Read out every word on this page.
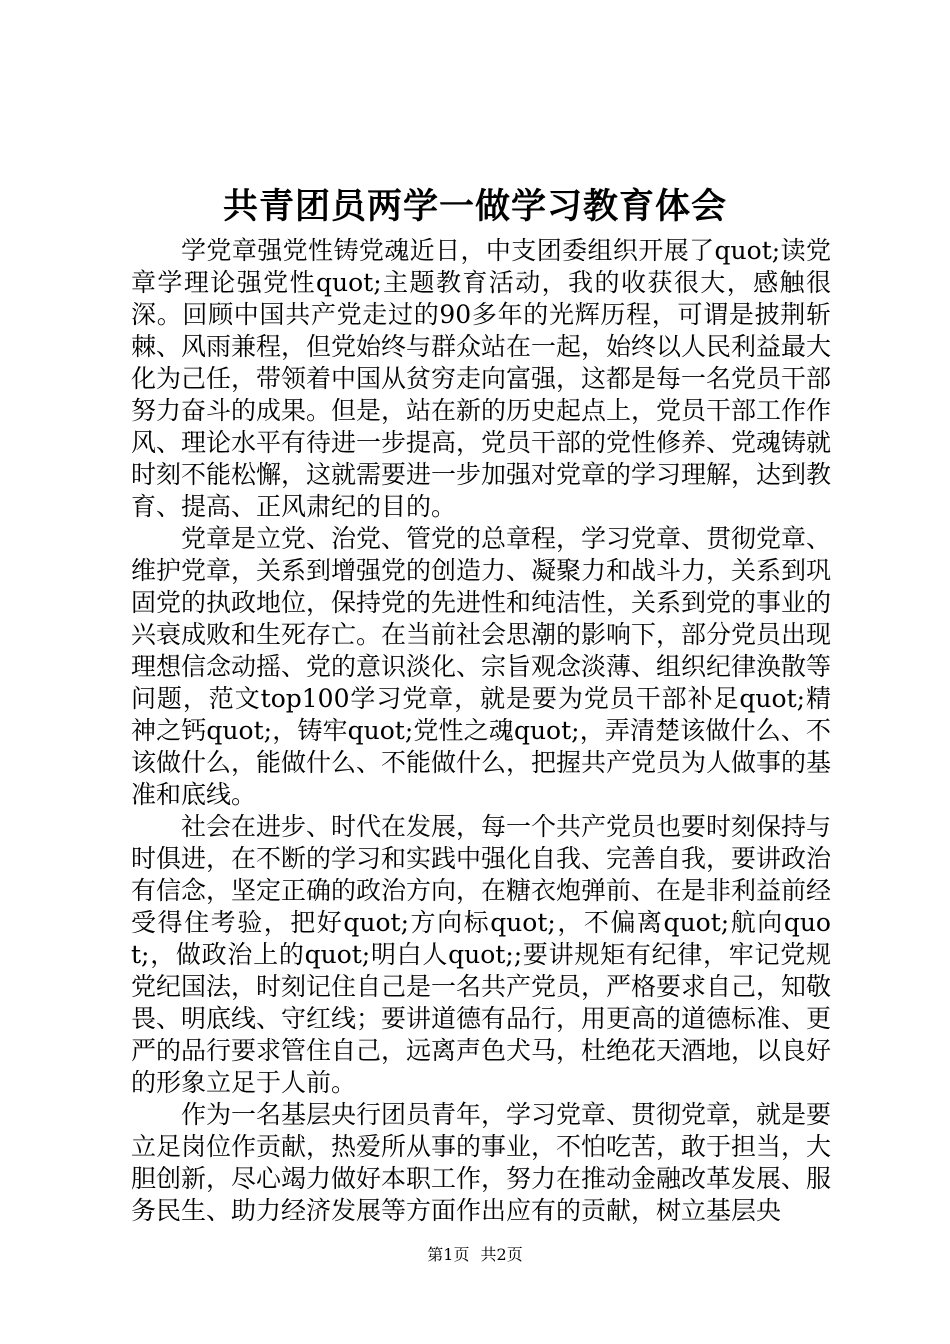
共青团员两学一做学习教育体会

学党章强党性铸党魂近日，中支团委组织开展了quot;读党章学理论强党性quot;主题教育活动，我的收获很大，感触很深。回顾中国共产党走过的90多年的光辉历程，可谓是披荆斩棘、风雨兼程，但党始终与群众站在一起，始终以人民利益最大化为己任，带领着中国从贫穷走向富强，这都是每一名党员干部努力奋斗的成果。但是，站在新的历史起点上，党员干部工作作风、理论水平有待进一步提高，党员干部的党性修养、党魂铸就时刻不能松懈，这就需要进一步加强对党章的学习理解，达到教育、提高、正风肃纪的目的。

党章是立党、治党、管党的总章程，学习党章、贯彻党章、维护党章，关系到增强党的创造力、凝聚力和战斗力，关系到巩固党的执政地位，保持党的先进性和纯洁性，关系到党的事业的兴衰成败和生死存亡。在当前社会思潮的影响下，部分党员出现理想信念动摇、党的意识淡化、宗旨观念淡薄、组织纪律涣散等问题，范文top100学习党章，就是要为党员干部补足quot;精神之钙quot;，铸牢quot;党性之魂quot;，弄清楚该做什么、不该做什么，能做什么、不能做什么，把握共产党员为人做事的基准和底线。

社会在进步、时代在发展，每一个共产党员也要时刻保持与时俱进，在不断的学习和实践中强化自我、完善自我，要讲政治有信念，坚定正确的政治方向，在糖衣炮弹前、在是非利益前经受得住考验，把好quot;方向标quot;，不偏离quot;航向quot;，做政治上的quot;明白人quot;;要讲规矩有纪律，牢记党规党纪国法，时刻记住自己是一名共产党员，严格要求自己，知敬畏、明底线、守红线；要讲道德有品行，用更高的道德标准、更严的品行要求管住自己，远离声色犬马，杜绝花天酒地，以良好的形象立足于人前。

作为一名基层央行团员青年，学习党章、贯彻党章，就是要立足岗位作贡献，热爱所从事的事业，不怕吃苦，敢于担当，大胆创新，尽心竭力做好本职工作，努力在推动金融改革发展、服务民生、助力经济发展等方面作出应有的贡献，树立基层央

第1页 共2页
